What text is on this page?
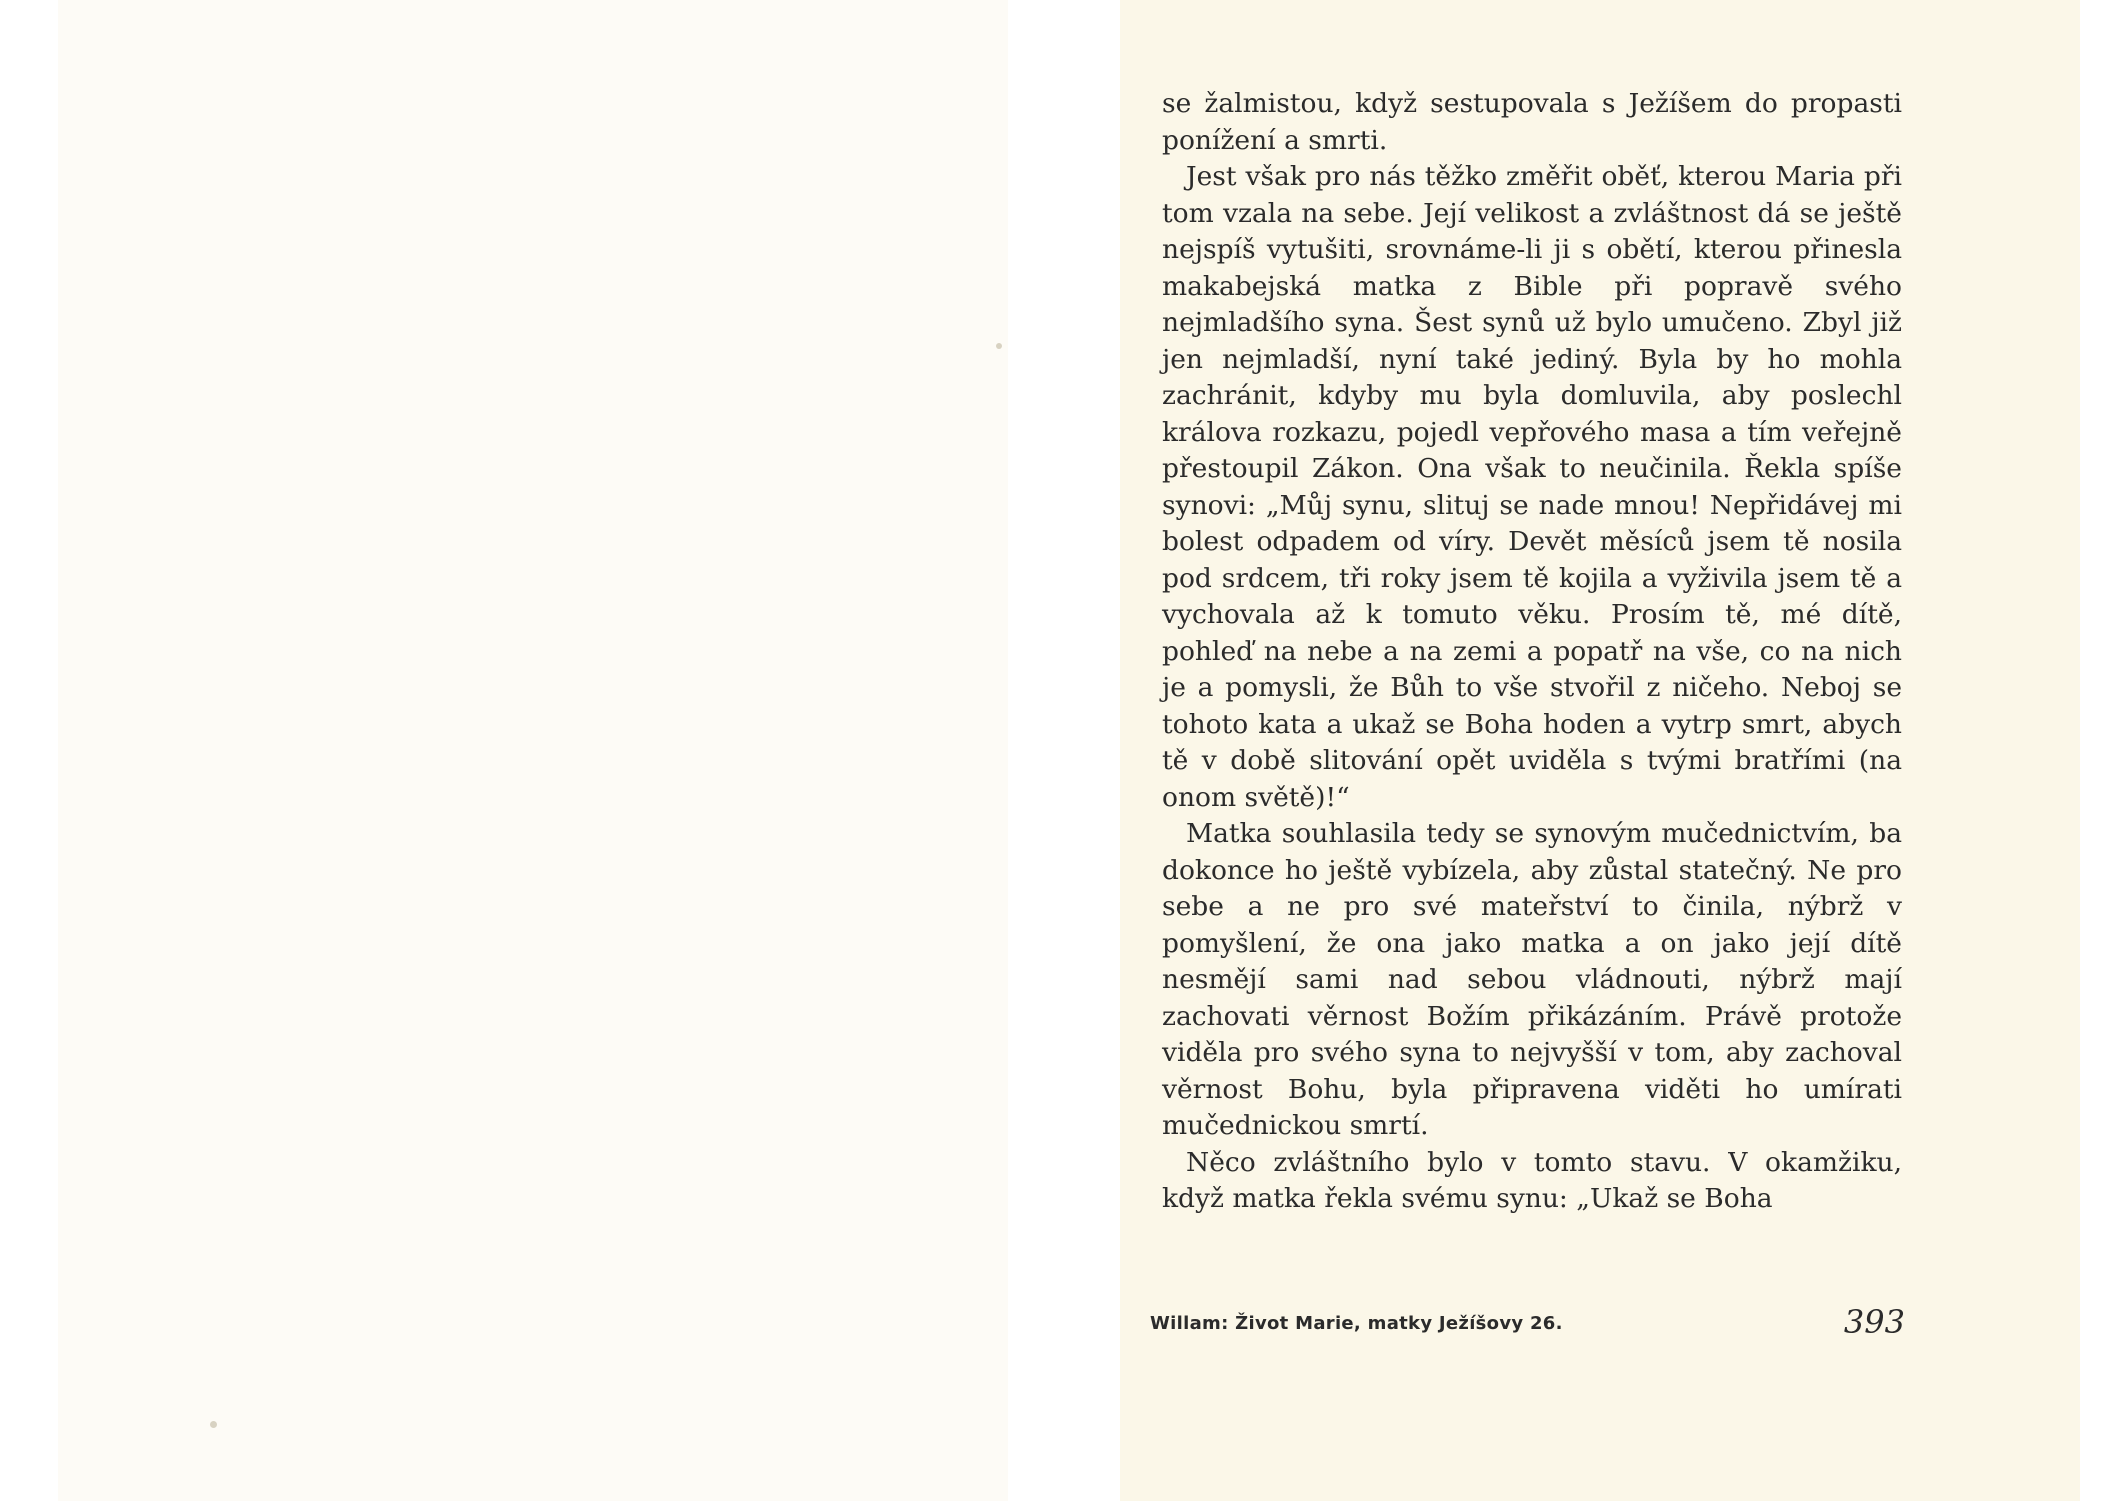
se žalmistou, když sestupovala s Ježíšem do propasti ponížení a smrti.

Jest však pro nás těžko změřit oběť, kterou Maria při tom vzala na sebe. Její velikost a zvláštnost dá se ještě nejspíš vytušiti, srovnáme-li ji s obětí, kterou přinesla makabejská matka z Bible při popravě svého nejmladšího syna. Šest synů už bylo umučeno. Zbyl již jen nejmladší, nyní také jediný. Byla by ho mohla zachránit, kdyby mu byla domluvila, aby poslechl králova rozkazu, pojedl vepřového masa a tím veřejně přestoupil Zákon. Ona však to neučinila. Řekla spíše synovi: „Můj synu, slituj se nade mnou! Nepřidávej mi bolest odpadem od víry. Devět měsíců jsem tě nosila pod srdcem, tři roky jsem tě kojila a vyživila jsem tě a vychovala až k tomuto věku. Prosím tě, mé dítě, pohleď na nebe a na zemi a popatř na vše, co na nich je a pomysli, že Bůh to vše stvořil z ničeho. Neboj se tohoto kata a ukaž se Boha hoden a vytrp smrt, abych tě v době slitování opět uviděla s tvými bratřími (na onom světě)!“

Matka souhlasila tedy se synovým mučednictvím, ba dokonce ho ještě vybízela, aby zůstal statečný. Ne pro sebe a ne pro své mateřství to činila, nýbrž v pomyšlení, že ona jako matka a on jako její dítě nesmějí sami nad sebou vládnouti, nýbrž mají zachovati věrnost Božím přikázáním. Právě protože viděla pro svého syna to nejvyšší v tom, aby zachoval věrnost Bohu, byla připravena viděti ho umírati mučednickou smrtí.

Něco zvláštního bylo v tomto stavu. V okamžiku, když matka řekla svému synu: „Ukaž se Boha

Willam: Život Marie, matky Ježíšovy 26.	393
